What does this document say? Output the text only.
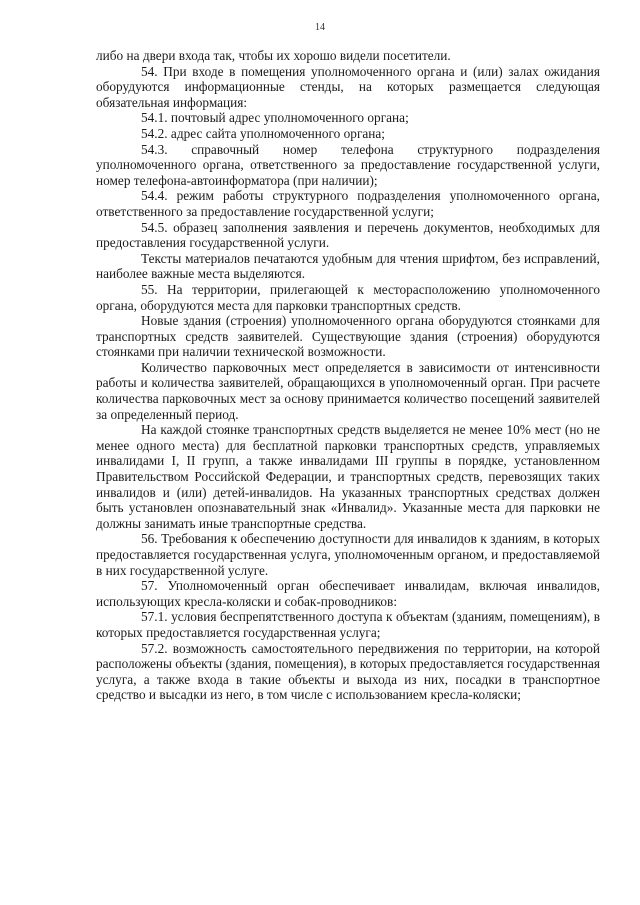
14

либо на двери входа так, чтобы их хорошо видели посетители.

54. При входе в помещения уполномоченного органа и (или) залах ожидания оборудуются информационные стенды, на которых размещается следующая обязательная информация:

54.1. почтовый адрес уполномоченного органа;

54.2. адрес сайта уполномоченного органа;

54.3. справочный номер телефона структурного подразделения уполномоченного органа, ответственного за предоставление государственной услуги, номер телефона-автоинформатора (при наличии);

54.4. режим работы структурного подразделения уполномоченного органа, ответственного за предоставление государственной услуги;

54.5. образец заполнения заявления и перечень документов, необходимых для предоставления государственной услуги.

Тексты материалов печатаются удобным для чтения шрифтом, без исправлений, наиболее важные места выделяются.

55. На территории, прилегающей к месторасположению уполномоченного органа, оборудуются места для парковки транспортных средств.

Новые здания (строения) уполномоченного органа оборудуются стоянками для транспортных средств заявителей. Существующие здания (строения) оборудуются стоянками при наличии технической возможности.

Количество парковочных мест определяется в зависимости от интенсивности работы и количества заявителей, обращающихся в уполномоченный орган. При расчете количества парковочных мест за основу принимается количество посещений заявителей за определенный период.

На каждой стоянке транспортных средств выделяется не менее 10% мест (но не менее одного места) для бесплатной парковки транспортных средств, управляемых инвалидами I, II групп, а также инвалидами III группы в порядке, установленном Правительством Российской Федерации, и транспортных средств, перевозящих таких инвалидов и (или) детей-инвалидов. На указанных транспортных средствах должен быть установлен опознавательный знак «Инвалид». Указанные места для парковки не должны занимать иные транспортные средства.

56. Требования к обеспечению доступности для инвалидов к зданиям, в которых предоставляется государственная услуга, уполномоченным органом, и предоставляемой в них государственной услуге.

57. Уполномоченный орган обеспечивает инвалидам, включая инвалидов, использующих кресла-коляски и собак-проводников:

57.1. условия беспрепятственного доступа к объектам (зданиям, помещениям), в которых предоставляется государственная услуга;

57.2. возможность самостоятельного передвижения по территории, на которой расположены объекты (здания, помещения), в которых предоставляется государственная услуга, а также входа в такие объекты и выхода из них, посадки в транспортное средство и высадки из него, в том числе с использованием кресла-коляски;
